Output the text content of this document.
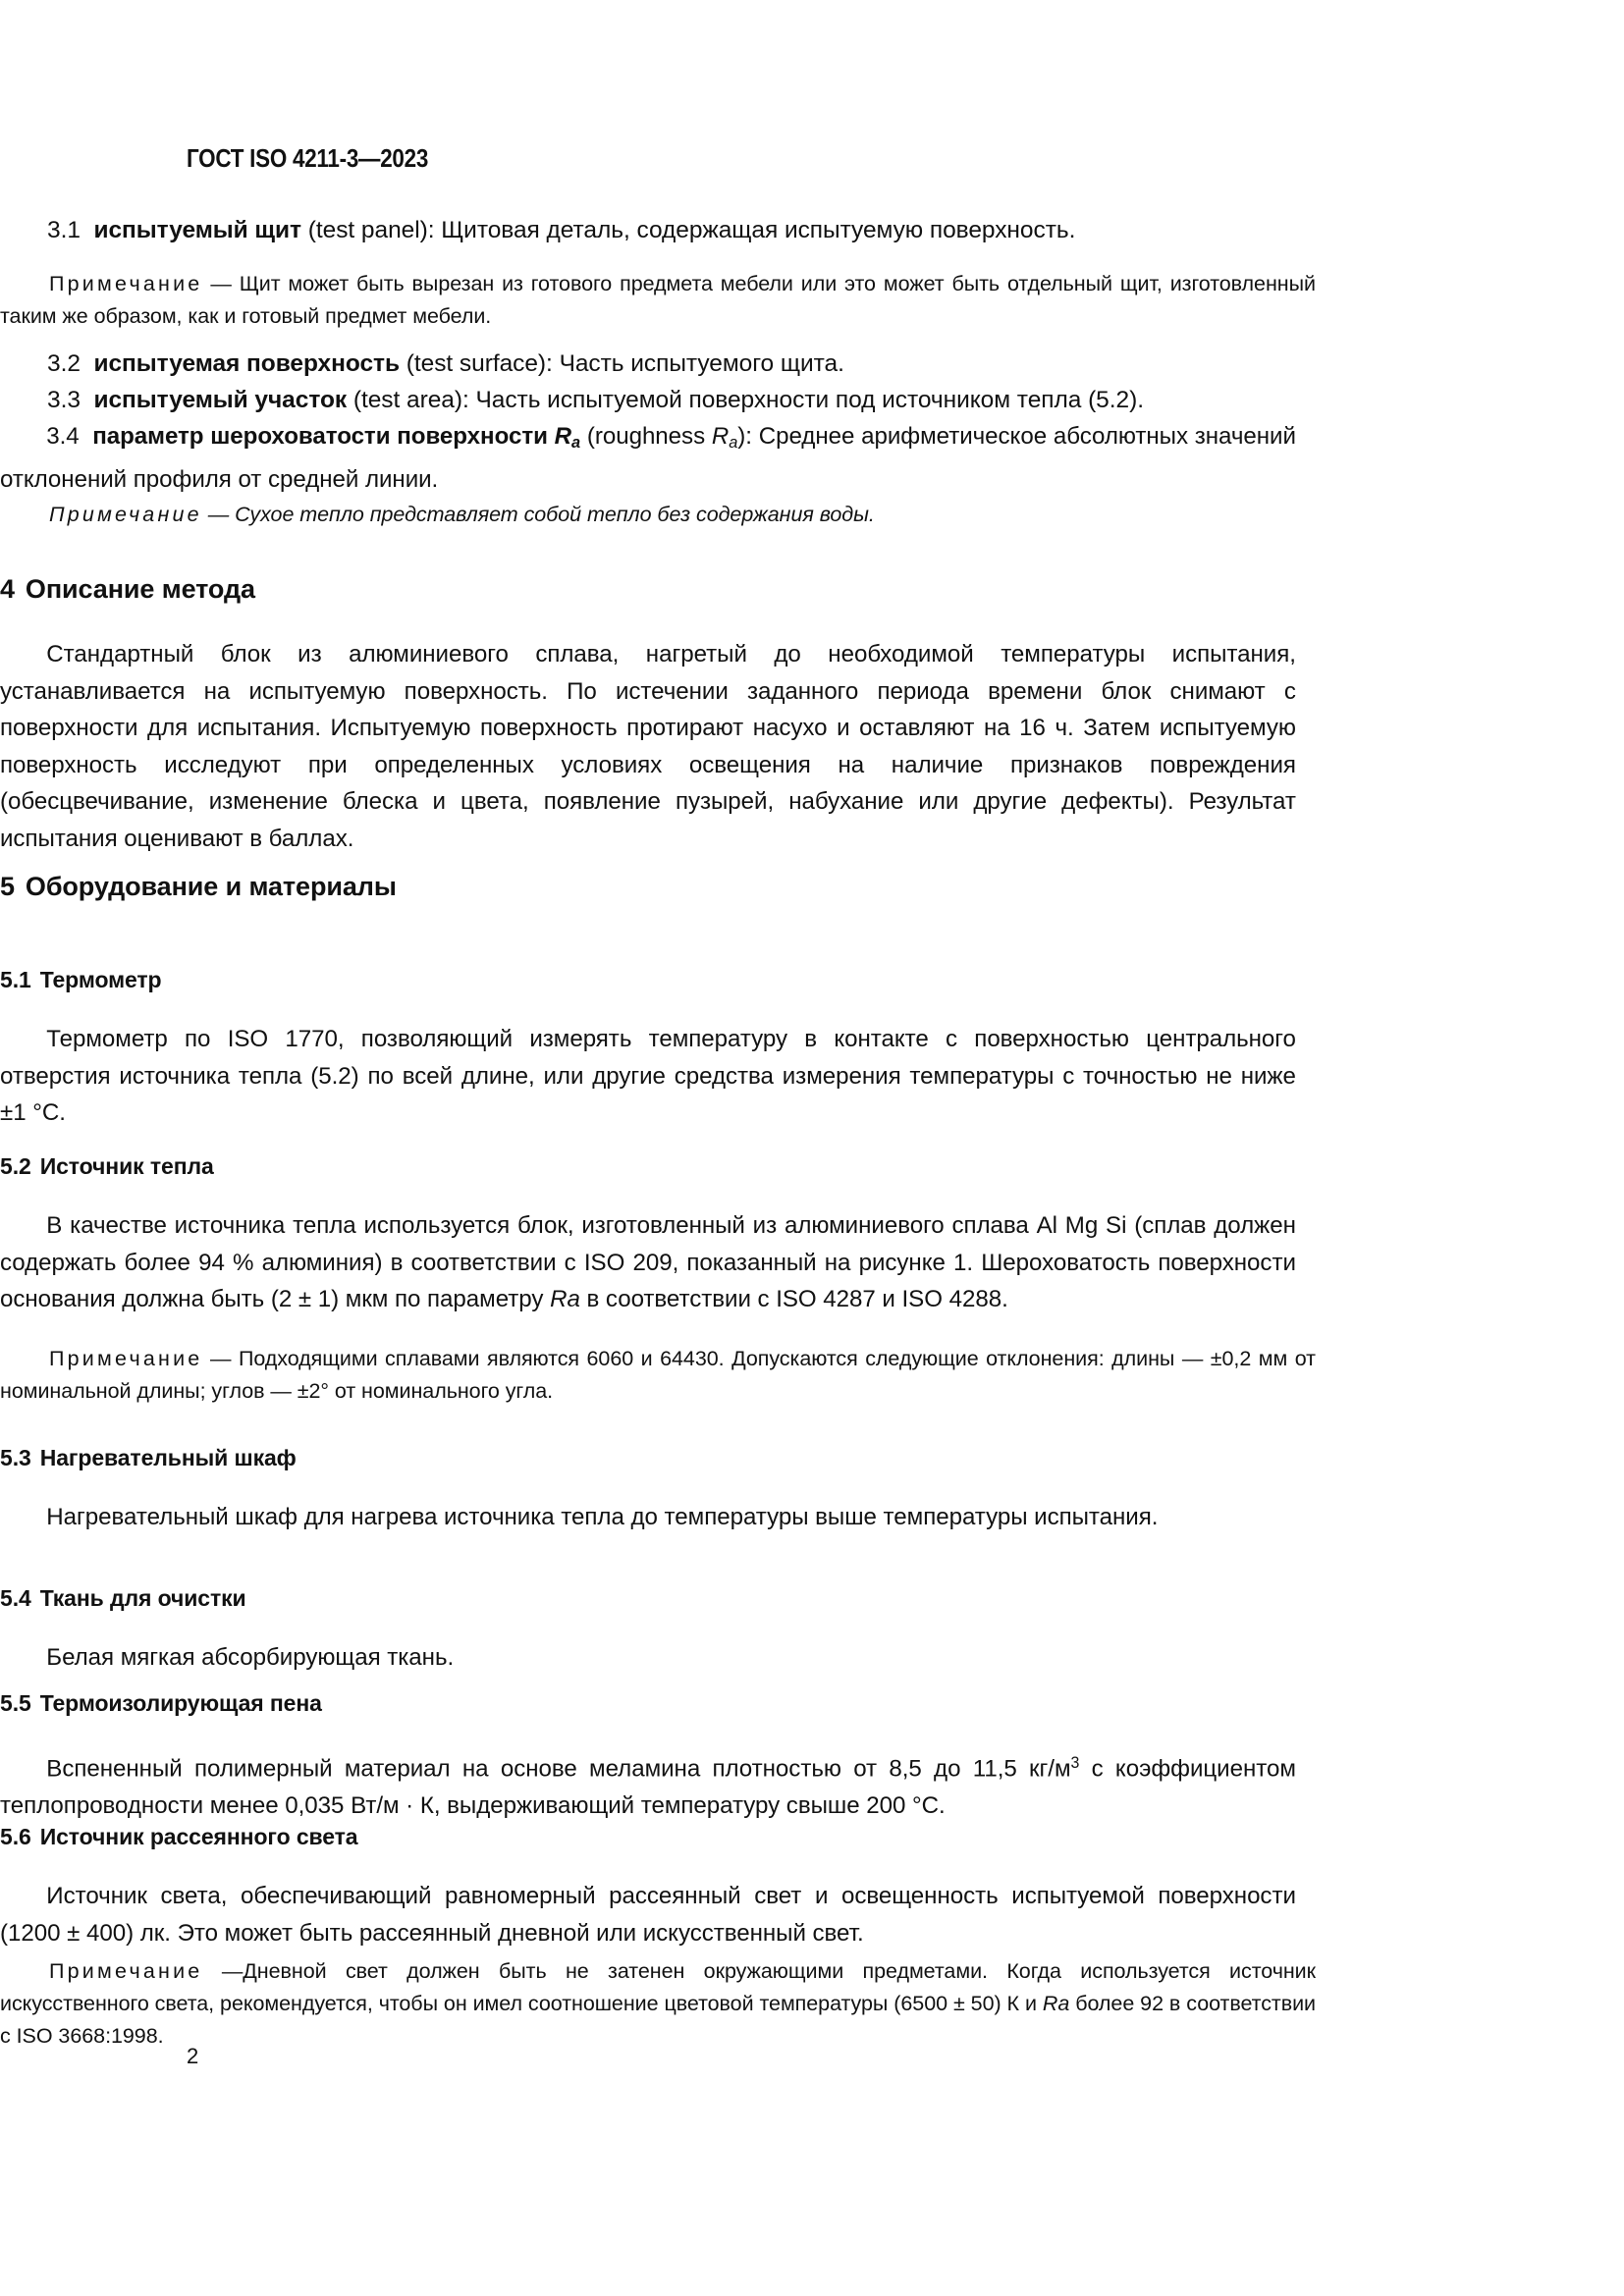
ГОСТ ISO 4211-3—2023
3.1 испытуемый щит (test panel): Щитовая деталь, содержащая испытуемую поверхность.
Примечание — Щит может быть вырезан из готового предмета мебели или это может быть отдельный щит, изготовленный таким же образом, как и готовый предмет мебели.
3.2 испытуемая поверхность (test surface): Часть испытуемого щита.
3.3 испытуемый участок (test area): Часть испытуемой поверхности под источником тепла (5.2).
3.4 параметр шероховатости поверхности $R_a$ (roughness $R_a$): Среднее арифметическое абсолютных значений отклонений профиля от средней линии.
Примечание — Сухое тепло представляет собой тепло без содержания воды.
4 Описание метода
Стандартный блок из алюминиевого сплава, нагретый до необходимой температуры испытания, устанавливается на испытуемую поверхность. По истечении заданного периода времени блок снимают с поверхности для испытания. Испытуемую поверхность протирают насухо и оставляют на 16 ч. Затем испытуемую поверхность исследуют при определенных условиях освещения на наличие признаков повреждения (обесцвечивание, изменение блеска и цвета, появление пузырей, набухание или другие дефекты). Результат испытания оценивают в баллах.
5 Оборудование и материалы
5.1 Термометр
Термометр по ISO 1770, позволяющий измерять температуру в контакте с поверхностью центрального отверстия источника тепла (5.2) по всей длине, или другие средства измерения температуры с точностью не ниже ±1 °C.
5.2 Источник тепла
В качестве источника тепла используется блок, изготовленный из алюминиевого сплава Al Mg Si (сплав должен содержать более 94 % алюминия) в соответствии с ISO 209, показанный на рисунке 1. Шероховатость поверхности основания должна быть (2 ± 1) мкм по параметру Ra в соответствии с ISO 4287 и ISO 4288.
Примечание — Подходящими сплавами являются 6060 и 64430. Допускаются следующие отклонения: длины — ±0,2 мм от номинальной длины; углов — ±2° от номинального угла.
5.3 Нагревательный шкаф
Нагревательный шкаф для нагрева источника тепла до температуры выше температуры испытания.
5.4 Ткань для очистки
Белая мягкая абсорбирующая ткань.
5.5 Термоизолирующая пена
Вспененный полимерный материал на основе меламина плотностью от 8,5 до 11,5 $кг/м^3$ с коэффициентом теплопроводности менее 0,035 Вт/м · К, выдерживающий температуру свыше 200 °C.
5.6 Источник рассеянного света
Источник света, обеспечивающий равномерный рассеянный свет и освещенность испытуемой поверхности (1200 ± 400) лк. Это может быть рассеянный дневной или искусственный свет.
Примечание —Дневной свет должен быть не затенен окружающими предметами. Когда используется источник искусственного света, рекомендуется, чтобы он имел соотношение цветовой температуры (6500 ± 50) К и Ra более 92 в соответствии с ISO 3668:1998.
2
